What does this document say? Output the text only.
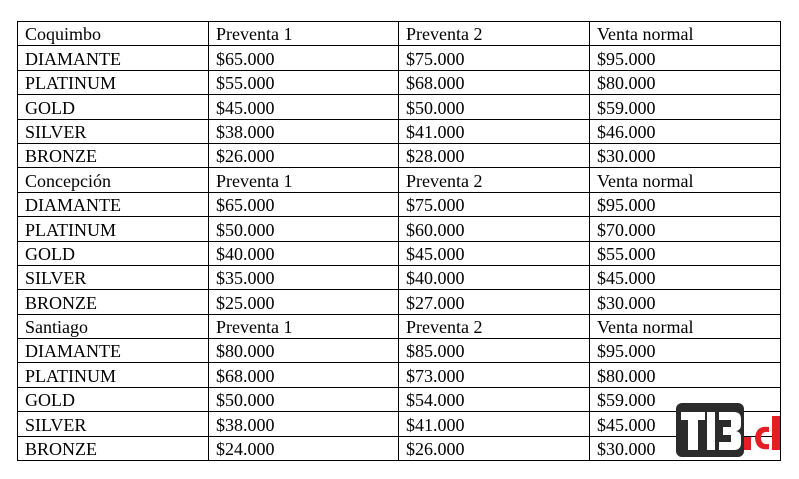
Coquimbo	Preventa 1	Preventa 2	Venta normal
DIAMANTE	$65.000	$75.000	$95.000
PLATINUM	$55.000	$68.000	$80.000
GOLD	$45.000	$50.000	$59.000
SILVER	$38.000	$41.000	$46.000
BRONZE	$26.000	$28.000	$30.000
Concepción	Preventa 1	Preventa 2	Venta normal
DIAMANTE	$65.000	$75.000	$95.000
PLATINUM	$50.000	$60.000	$70.000
GOLD	$40.000	$45.000	$55.000
SILVER	$35.000	$40.000	$45.000
BRONZE	$25.000	$27.000	$30.000
Santiago	Preventa 1	Preventa 2	Venta normal
DIAMANTE	$80.000	$85.000	$95.000
PLATINUM	$68.000	$73.000	$80.000
GOLD	$50.000	$54.000	$59.000
SILVER	$38.000	$41.000	$45.000
BRONZE	$24.000	$26.000	$30.000
